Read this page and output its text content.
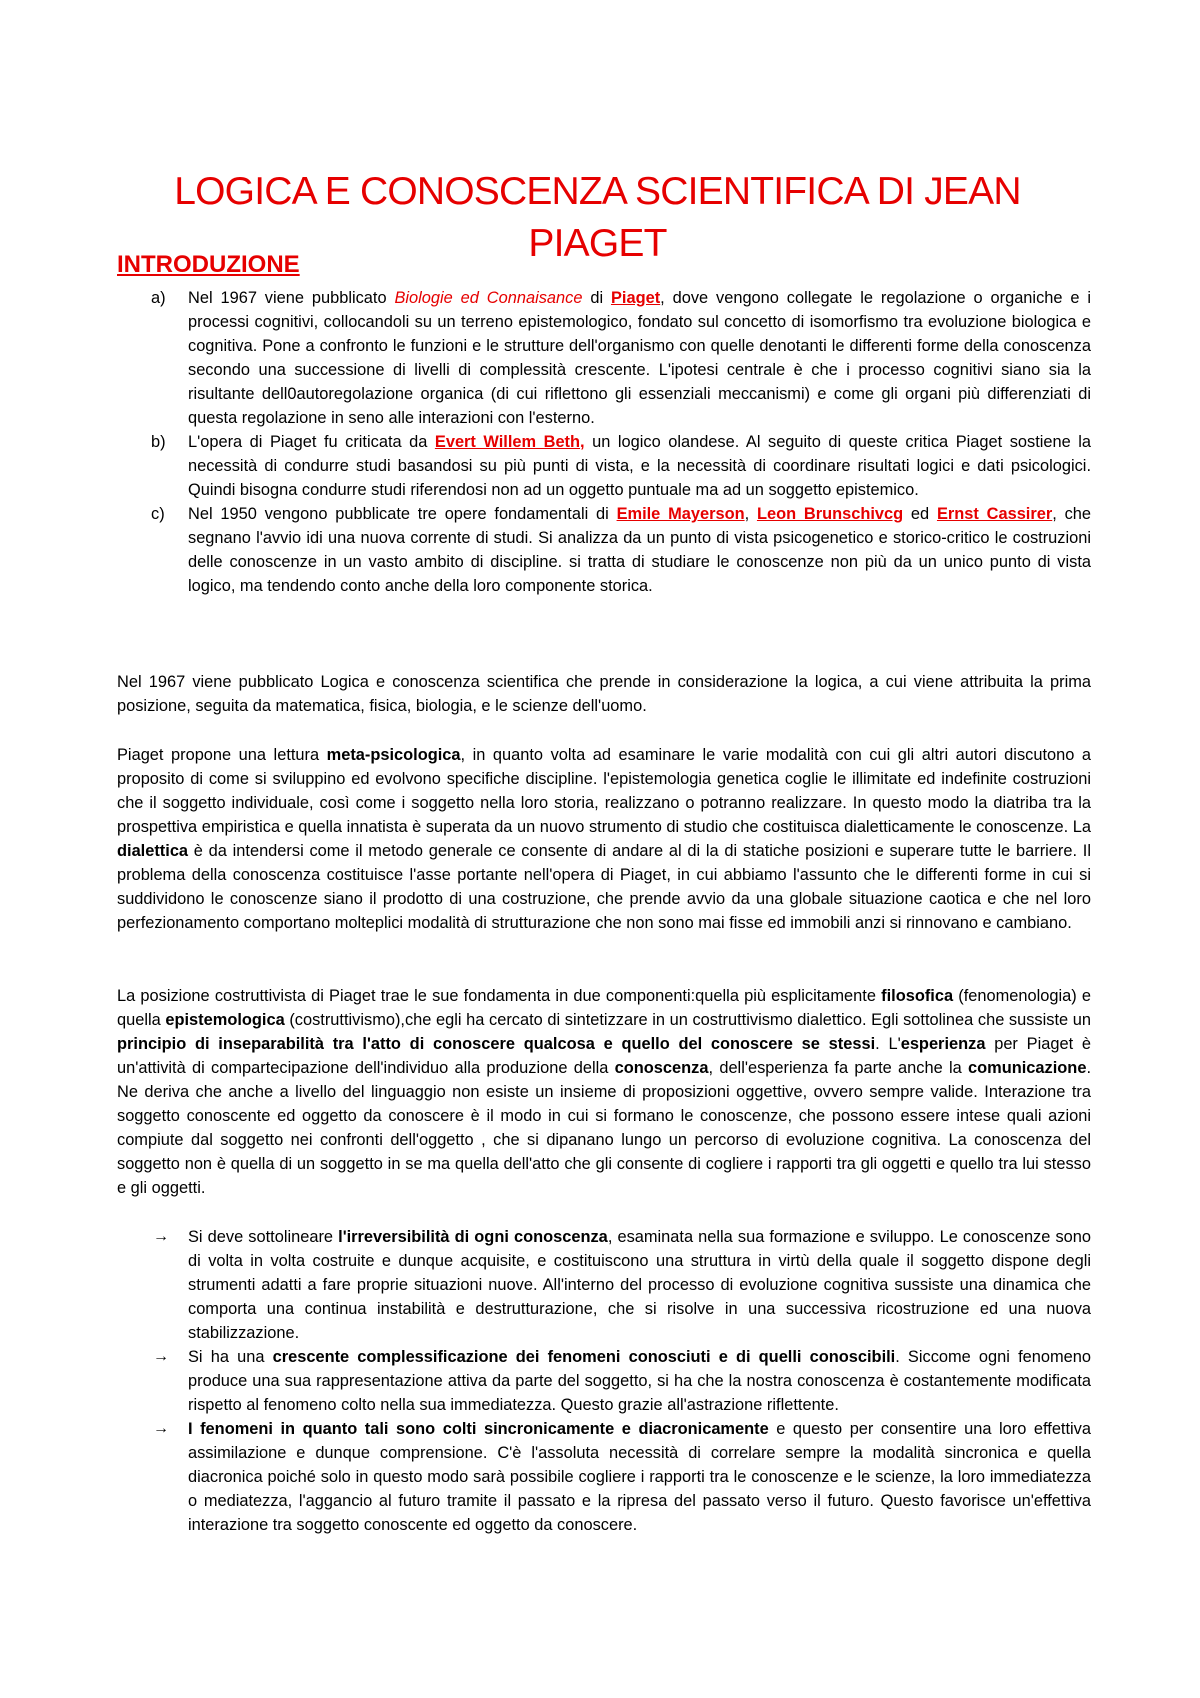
LOGICA E CONOSCENZA SCIENTIFICA DI JEAN PIAGET
INTRODUZIONE
a) Nel 1967 viene pubblicato Biologie ed Connaisance di Piaget, dove vengono collegate le regolazione o organiche e i processi cognitivi, collocandoli su un terreno epistemologico, fondato sul concetto di isomorfismo tra evoluzione biologica e cognitiva. Pone a confronto le funzioni e le strutture dell'organismo con quelle denotanti le differenti forme della conoscenza secondo una successione di livelli di complessità crescente. L'ipotesi centrale è che i processo cognitivi siano sia la risultante dell0autoregolazione organica (di cui riflettono gli essenziali meccanismi) e come gli organi più differenziati di questa regolazione in seno alle interazioni con l'esterno.
b) L'opera di Piaget fu criticata da Evert Willem Beth, un logico olandese. Al seguito di queste critica Piaget sostiene la necessità di condurre studi basandosi su più punti di vista, e la necessità di coordinare risultati logici e dati psicologici. Quindi bisogna condurre studi riferendosi non ad un oggetto puntuale ma ad un soggetto epistemico.
c) Nel 1950 vengono pubblicate tre opere fondamentali di Emile Mayerson, Leon Brunschivcg ed Ernst Cassirer, che segnano l'avvio idi una nuova corrente di studi. Si analizza da un punto di vista psicogenetico e storico-critico le costruzioni delle conoscenze in un vasto ambito di discipline. si tratta di studiare le conoscenze non più da un unico punto di vista logico, ma tendendo conto anche della loro componente storica.

Nel 1967 viene pubblicato Logica e conoscenza scientifica che prende in considerazione la logica, a cui viene attribuita la prima posizione, seguita da matematica, fisica, biologia, e le scienze dell'uomo.

Piaget propone una lettura meta-psicologica, in quanto volta ad esaminare le varie modalità con cui gli altri autori discutono a proposito di come si sviluppino ed evolvono specifiche discipline. l'epistemologia genetica coglie le illimitate ed indefinite costruzioni che il soggetto individuale, così come i soggetto nella loro storia, realizzano o potranno realizzare. In questo modo la diatriba tra la prospettiva empiristica e quella innatista è superata da un nuovo strumento di studio che costituisca dialetticamente le conoscenze. La dialettica è da intendersi come il metodo generale ce consente di andare al di la di statiche posizioni e superare tutte le barriere. Il problema della conoscenza costituisce l'asse portante nell'opera di Piaget, in cui abbiamo l'assunto che le differenti forme in cui si suddividono le conoscenze siano il prodotto di una costruzione, che prende avvio da una globale situazione caotica e che nel loro perfezionamento comportano molteplici modalità di strutturazione che non sono mai fisse ed immobili anzi si rinnovano e cambiano.

La posizione costruttivista di Piaget trae le sue fondamenta in due componenti:quella più esplicitamente filosofica (fenomenologia) e quella epistemologica (costruttivismo),che egli ha cercato di sintetizzare in un costruttivismo dialettico. Egli sottolinea che sussiste un principio di inseparabilità tra l'atto di conoscere qualcosa e quello del conoscere se stessi. L'esperienza per Piaget è un'attività di compartecipazione dell'individuo alla produzione della conoscenza, dell'esperienza fa parte anche la comunicazione. Ne deriva che anche a livello del linguaggio non esiste un insieme di proposizioni oggettive, ovvero sempre valide. Interazione tra soggetto conoscente ed oggetto da conoscere è il modo in cui si formano le conoscenze, che possono essere intese quali azioni compiute dal soggetto nei confronti dell'oggetto , che si dipanano lungo un percorso di evoluzione cognitiva. La conoscenza del soggetto non è quella di un soggetto in se ma quella dell'atto che gli consente di cogliere i rapporti tra gli oggetti e quello tra lui stesso e gli oggetti.

→ Si deve sottolineare l'irreversibilità di ogni conoscenza, esaminata nella sua formazione e sviluppo. Le conoscenze sono di volta in volta costruite e dunque acquisite, e costituiscono una struttura in virtù della quale il soggetto dispone degli strumenti adatti a fare proprie situazioni nuove. All'interno del processo di evoluzione cognitiva sussiste una dinamica che comporta una continua instabilità e destrutturazione, che si risolve in una successiva ricostruzione ed una nuova stabilizzazione.
→ Si ha una crescente complessificazione dei fenomeni conosciuti e di quelli conoscibili. Siccome ogni fenomeno produce una sua rappresentazione attiva da parte del soggetto, si ha che la nostra conoscenza è costantemente modificata rispetto al fenomeno colto nella sua immediatezza. Questo grazie all'astrazione riflettente.
→ I fenomeni in quanto tali sono colti sincronicamente e diacronicamente e questo per consentire una loro effettiva assimilazione e dunque comprensione. C'è l'assoluta necessità di correlare sempre la modalità sincronica e quella diacronica poiché solo in questo modo sarà possibile cogliere i rapporti tra le conoscenze e le scienze, la loro immediatezza o mediatezza, l'aggancio al futuro tramite il passato e la ripresa del passato verso il futuro. Questo favorisce un'effettiva interazione tra soggetto conoscente ed oggetto da conoscere.
